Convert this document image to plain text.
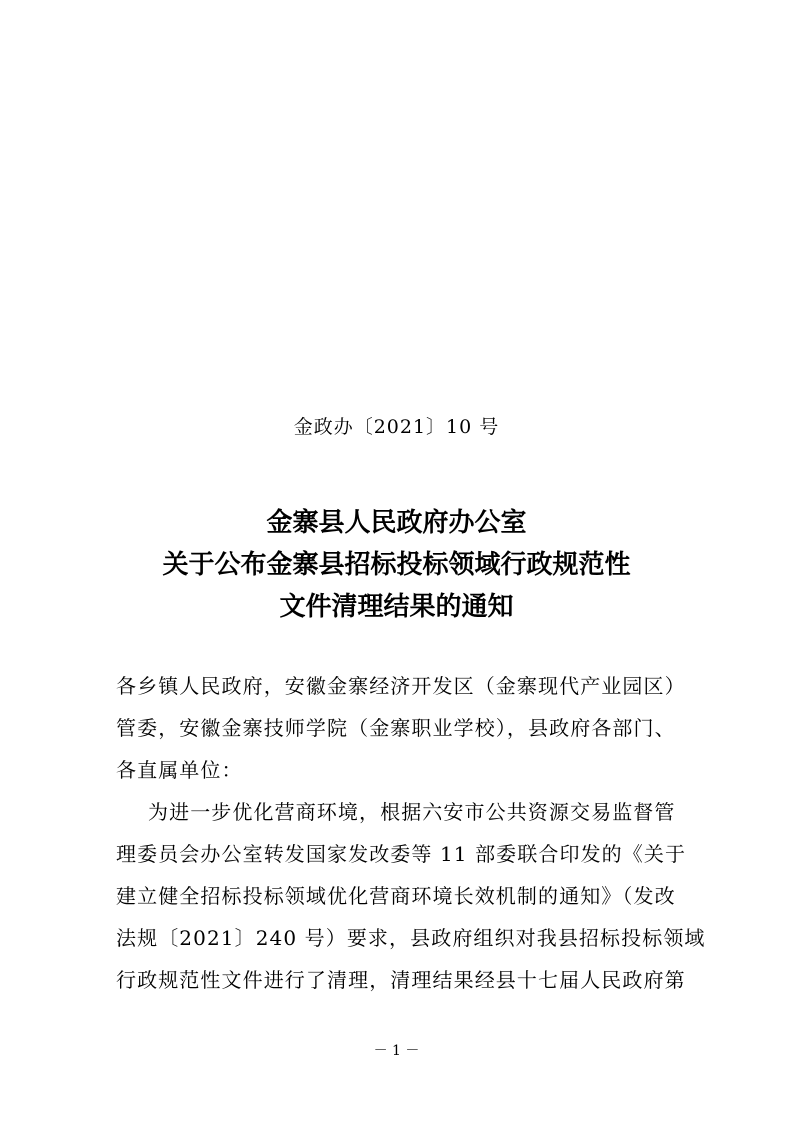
金政办〔2021〕10 号
金寨县人民政府办公室
关于公布金寨县招标投标领域行政规范性
文件清理结果的通知
各乡镇人民政府，安徽金寨经济开发区（金寨现代产业园区）
管委，安徽金寨技师学院（金寨职业学校），县政府各部门、
各直属单位：
为进一步优化营商环境，根据六安市公共资源交易监督管
理委员会办公室转发国家发改委等 11 部委联合印发的《关于
建立健全招标投标领域优化营商环境长效机制的通知》（发改
法规〔2021〕240 号）要求，县政府组织对我县招标投标领域
行政规范性文件进行了清理，清理结果经县十七届人民政府第
－ 1 －
